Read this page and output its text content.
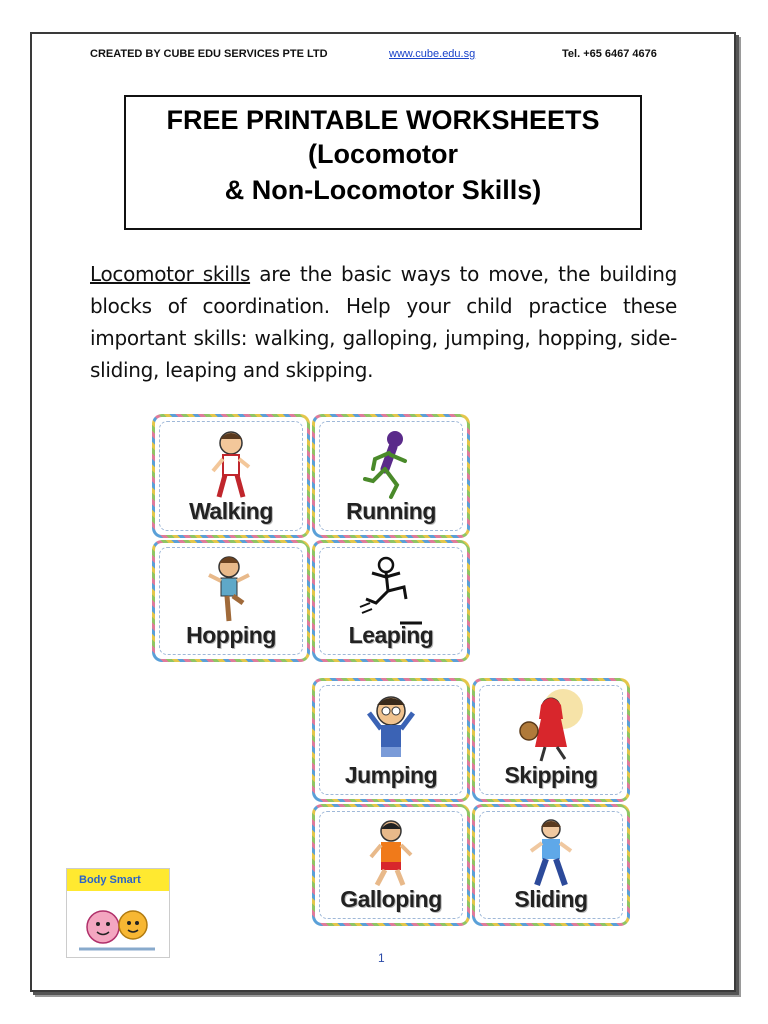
CREATED BY CUBE EDU SERVICES PTE LTD	www.cube.edu.sg	Tel. +65 6467 4676
FREE PRINTABLE WORKSHEETS
(Locomotor
& Non-Locomotor Skills)
Locomotor skills are the basic ways to move, the building blocks of coordination. Help your child practice these important skills: walking, galloping, jumping, hopping, side-sliding, leaping and skipping.
Walking	Running
Hopping	Leaping
Jumping	Skipping
Galloping	Sliding
Body Smart
1
